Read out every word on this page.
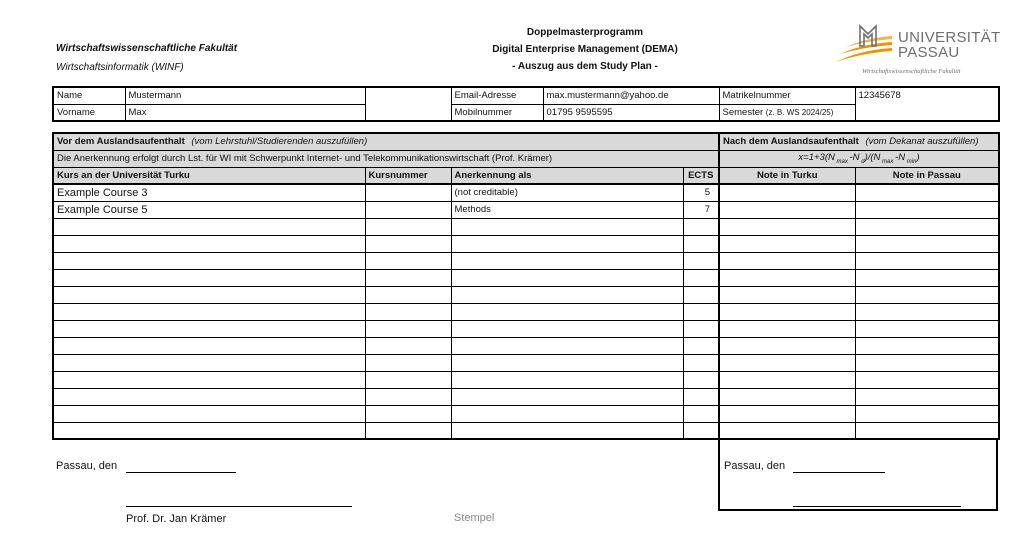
Wirtschaftswissenschaftliche Fakultät
Wirtschaftsinformatik (WINF)
Doppelmasterprogramm
Digital Enterprise Management (DEMA)
- Auszug aus dem Study Plan -
UNIVERSITÄT
PASSAU
Wirtschaftswissenschaftliche Fakultät
Name	Mustermann		Email-Adresse	max.mustermann@yahoo.de	Matrikelnummer	12345678
Vorname	Max		Mobilnummer	01795 9595595	Semester (z. B. WS 2024/25)	
Vor dem Auslandsaufenthalt (vom Lehrstuhl/Studierenden auszufüllen)				Nach dem Auslandsaufenthalt (vom Dekanat auszufüllen)	
Die Anerkennung erfolgt durch Lst. für WI mit Schwerpunkt Internet- und Telekommunikationswirtschaft (Prof. Krämer)				x=1+3(N $_{max}$ -N $_d$)/(N $_{max}$ -N $_{min}$)	
Kurs an der Universität Turku	Kursnummer	Anerkennung als	ECTS	Note in Turku	Note in Passau
Example Course 3		(not creditable)	5		
Example Course 5		Methods	7		

Passau, den
Prof. Dr. Jan Krämer	Stempel
Passau, den
